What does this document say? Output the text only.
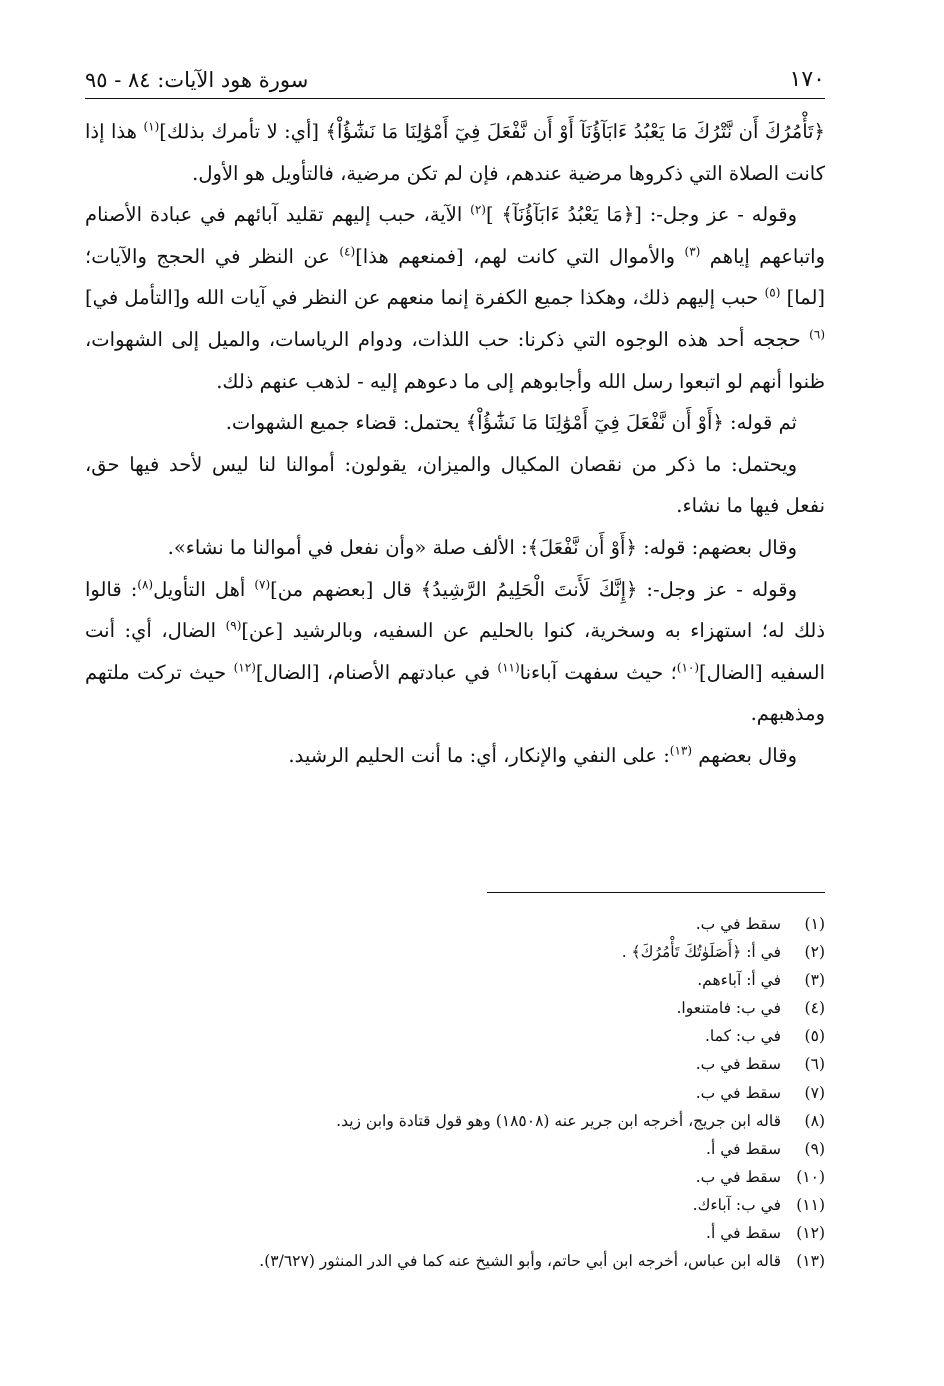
١٧٠
سورة هود الآيات: ٨٤ - ٩٥

﴿تَأْمُرُكَ أَن نَّتْرُكَ مَا يَعْبُدُ ءَابَآؤُنَآ أَوْ أَن نَّفْعَلَ فِيٓ أَمْوَٰلِنَا مَا نَشَٰٓؤُاْ﴾ [أي: لا تأمرك بذلك]$^{(١)}$ هذا إذا كانت الصلاة التي ذكروها مرضية عندهم، فإن لم تكن مرضية، فالتأويل هو الأول.

وقوله - عز وجل-: [﴿مَا يَعْبُدُ ءَابَآؤُنَآ﴾ ]$^{(٢)}$ الآية، حبب إليهم تقليد آبائهم في عبادة الأصنام واتباعهم إياهم $^{(٣)}$ والأموال التي كانت لهم، [فمنعهم هذا]$^{(٤)}$ عن النظر في الحجج والآيات؛ [لما] $^{(٥)}$ حبب إليهم ذلك، وهكذا جميع الكفرة إنما منعهم عن النظر في آيات الله و[التأمل في]$^{(٦)}$ حججه أحد هذه الوجوه التي ذكرنا: حب اللذات، ودوام الرياسات، والميل إلى الشهوات، ظنوا أنهم لو اتبعوا رسل الله وأجابوهم إلى ما دعوهم إليه - لذهب عنهم ذلك.

ثم قوله: ﴿أَوْ أَن نَّفْعَلَ فِيٓ أَمْوَٰلِنَا مَا نَشَٰٓؤُاْ﴾ يحتمل: قضاء جميع الشهوات.

ويحتمل: ما ذكر من نقصان المكيال والميزان، يقولون: أموالنا لنا ليس لأحد فيها حق، نفعل فيها ما نشاء.

وقال بعضهم: قوله: ﴿أَوْ أَن نَّفْعَلَ﴾: الألف صلة «وأن نفعل في أموالنا ما نشاء».

وقوله - عز وجل-: ﴿إِنَّكَ لَأَنتَ الْحَلِيمُ الرَّشِيدُ﴾ قال [بعضهم من]$^{(٧)}$ أهل التأويل$^{(٨)}$: قالوا ذلك له؛ استهزاء به وسخرية، كنوا بالحليم عن السفيه، وبالرشيد [عن]$^{(٩)}$ الضال، أي: أنت السفيه [الضال]$^{(١٠)}$؛ حيث سفهت آباءنا$^{(١١)}$ في عبادتهم الأصنام، [الضال]$^{(١٢)}$ حيث تركت ملتهم ومذهبهم.

وقال بعضهم $^{(١٣)}$: على النفي والإنكار، أي: ما أنت الحليم الرشيد.

(١)
سقط في ب.
(٢)
في أ: ﴿أَصَلَوٰتُكَ تَأْمُرُكَ﴾ .
(٣)
في أ: آباءهم.
(٤)
في ب: فامتنعوا.
(٥)
في ب: كما.
(٦)
سقط في ب.
(٧)
سقط في ب.
(٨)
قاله ابن جريج، أخرجه ابن جرير عنه (١٨٥٠٨) وهو قول قتادة وابن زيد.
(٩)
سقط في أ.
(١٠)
سقط في ب.
(١١)
في ب: آباءك.
(١٢)
سقط في أ.
(١٣)
قاله ابن عباس، أخرجه ابن أبي حاتم، وأبو الشيخ عنه كما في الدر المنثور (٣/٦٢٧).
